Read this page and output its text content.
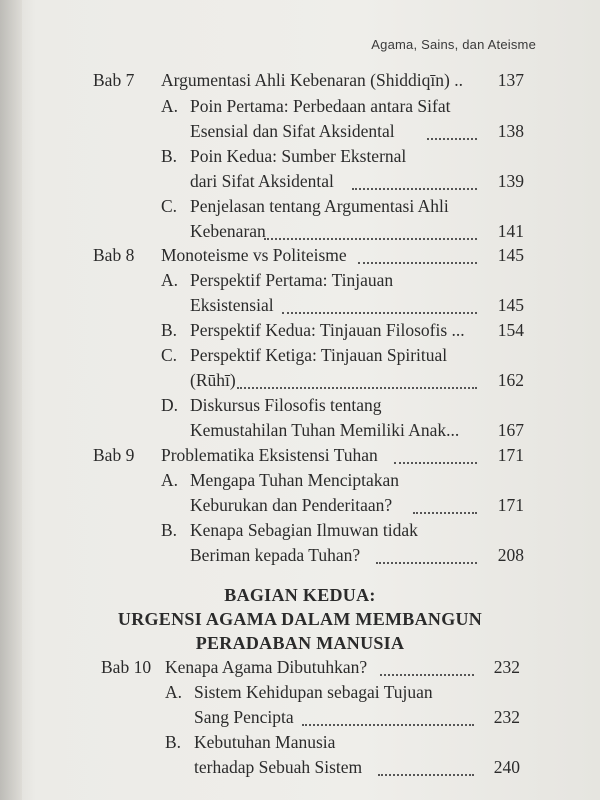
Agama, Sains, dan Ateisme
Bab 7 Argumentasi Ahli Kebenaran (Shiddiqīn) .. 137
A. Poin Pertama: Perbedaan antara Sifat
Esensial dan Sifat Aksidental	138
B. Poin Kedua: Sumber Eksternal
dari Sifat Aksidental	139
C. Penjelasan tentang Argumentasi Ahli
Kebenaran	141
Bab 8 Monoteisme vs Politeisme	145
A. Perspektif Pertama: Tinjauan
Eksistensial	145
B. Perspektif Kedua: Tinjauan Filosofis ... 154
C. Perspektif Ketiga: Tinjauan Spiritual
(Rūhī)	162
D. Diskursus Filosofis tentang
Kemustahilan Tuhan Memiliki Anak... 167
Bab 9 Problematika Eksistensi Tuhan	171
A. Mengapa Tuhan Menciptakan
Keburukan dan Penderitaan?	171
B. Kenapa Sebagian Ilmuwan tidak
Beriman kepada Tuhan?	208
BAGIAN KEDUA:
URGENSI AGAMA DALAM MEMBANGUN
PERADABAN MANUSIA
Bab 10 Kenapa Agama Dibutuhkan?	232
A. Sistem Kehidupan sebagai Tujuan
Sang Pencipta	232
B. Kebutuhan Manusia
terhadap Sebuah Sistem	240
